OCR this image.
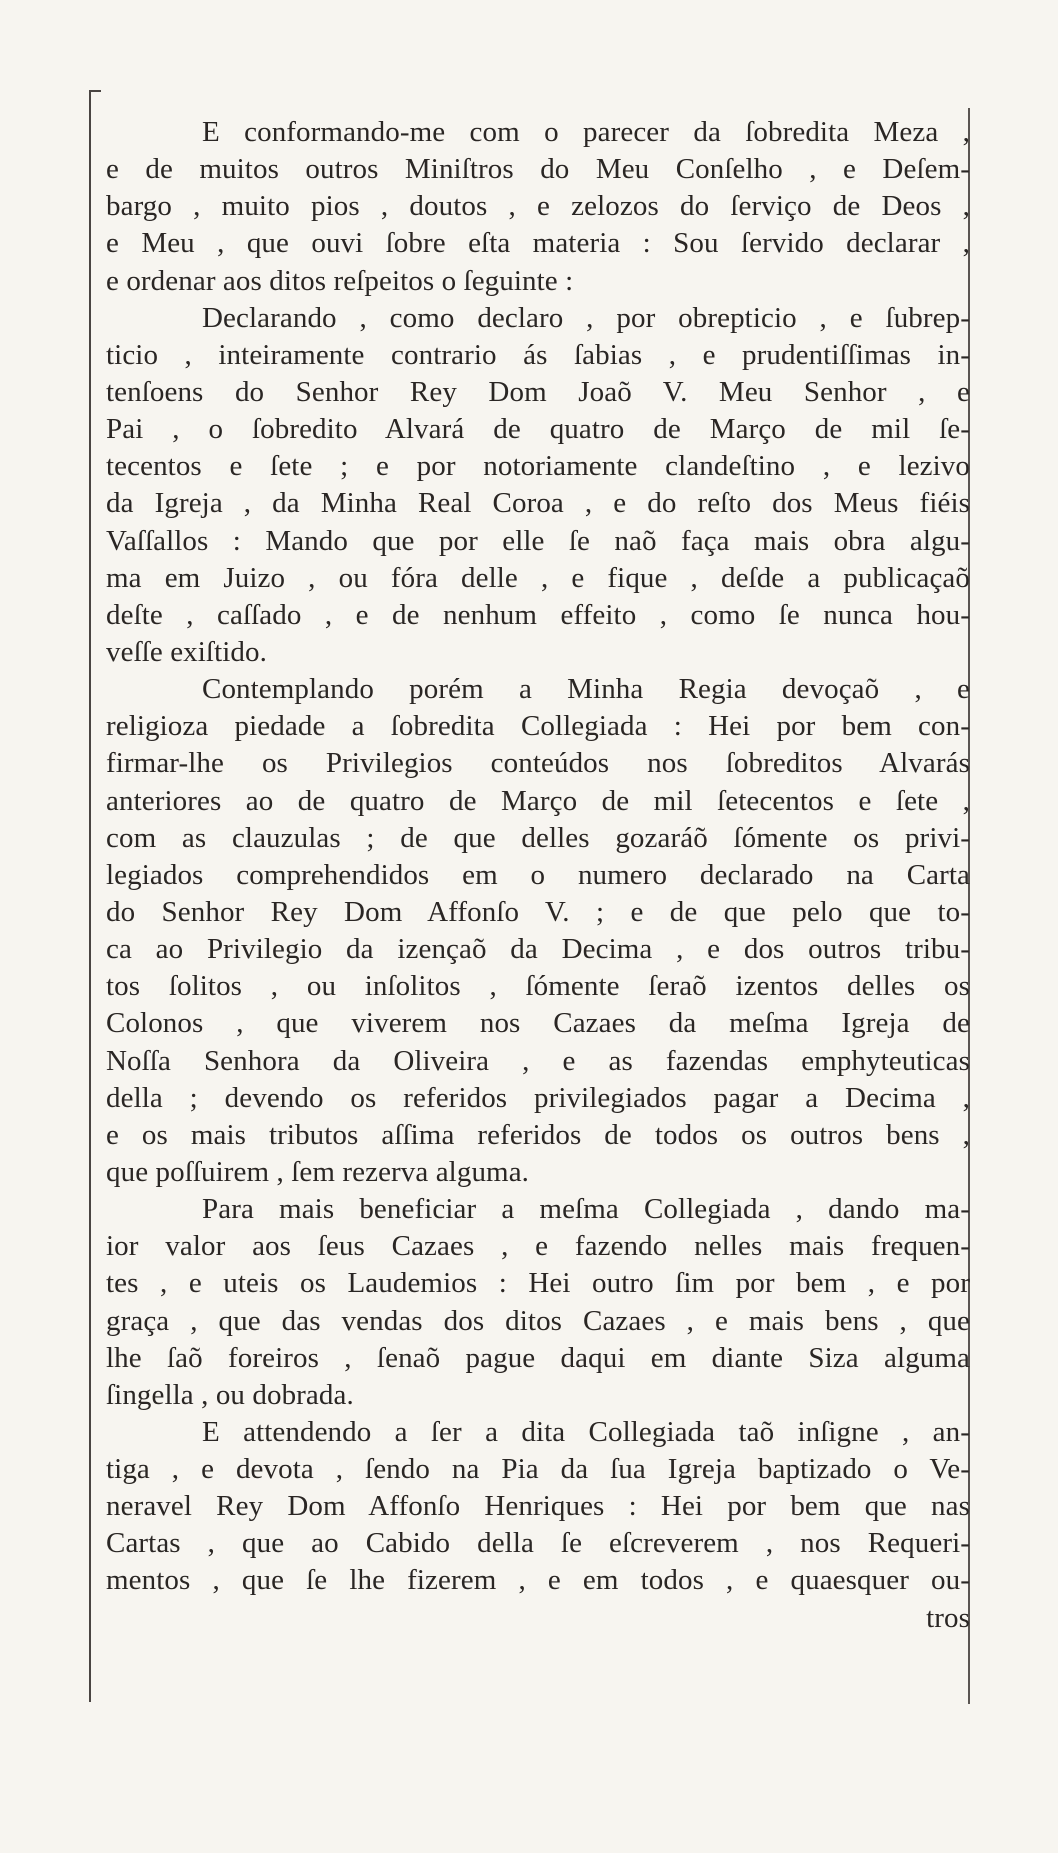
E conformando-me com o parecer da ſobredita Meza ,
e de muitos outros Miniſtros do Meu Conſelho , e Deſem-
bargo , muito pios , doutos , e zelozos do ſerviço de Deos ,
e Meu , que ouvi ſobre eſta materia : Sou ſervido declarar ,
e ordenar aos ditos reſpeitos o ſeguinte :
Declarando , como declaro , por obrepticio , e ſubrep-
ticio , inteiramente contrario ás ſabias , e prudentiſſimas in-
tenſoens do Senhor Rey Dom Joaõ V. Meu Senhor , e
Pai , o ſobredito Alvará de quatro de Março de mil ſe-
tecentos e ſete ; e por notoriamente clandeſtino , e lezivo
da Igreja , da Minha Real Coroa , e do reſto dos Meus fiéis
Vaſſallos : Mando que por elle ſe naõ faça mais obra algu-
ma em Juizo , ou fóra delle , e fique , deſde a publicaçaõ
deſte , caſſado , e de nenhum effeito , como ſe nunca hou-
veſſe exiſtido.
Contemplando porém a Minha Regia devoçaõ , e
religioza piedade a ſobredita Collegiada : Hei por bem con-
firmar-lhe os Privilegios conteúdos nos ſobreditos Alvarás
anteriores ao de quatro de Março de mil ſetecentos e ſete ,
com as clauzulas ; de que delles gozaráõ ſómente os privi-
legiados comprehendidos em o numero declarado na Carta
do Senhor Rey Dom Affonſo V. ; e de que pelo que to-
ca ao Privilegio da izençaõ da Decima , e dos outros tribu-
tos ſolitos , ou inſolitos , ſómente ſeraõ izentos delles os
Colonos , que viverem nos Cazaes da meſma Igreja de
Noſſa Senhora da Oliveira , e as fazendas emphyteuticas
della ; devendo os referidos privilegiados pagar a Decima ,
e os mais tributos aſſima referidos de todos os outros bens ,
que poſſuirem , ſem rezerva alguma.
Para mais beneficiar a meſma Collegiada , dando ma-
ior valor aos ſeus Cazaes , e fazendo nelles mais frequen-
tes , e uteis os Laudemios : Hei outro ſim por bem , e por
graça , que das vendas dos ditos Cazaes , e mais bens , que
lhe ſaõ foreiros , ſenaõ pague daqui em diante Siza alguma
ſingella , ou dobrada.
E attendendo a ſer a dita Collegiada taõ inſigne , an-
tiga , e devota , ſendo na Pia da ſua Igreja baptizado o Ve-
neravel Rey Dom Affonſo Henriques : Hei por bem que nas
Cartas , que ao Cabido della ſe eſcreverem , nos Requeri-
mentos , que ſe lhe fizerem , e em todos , e quaesquer ou-
tros
